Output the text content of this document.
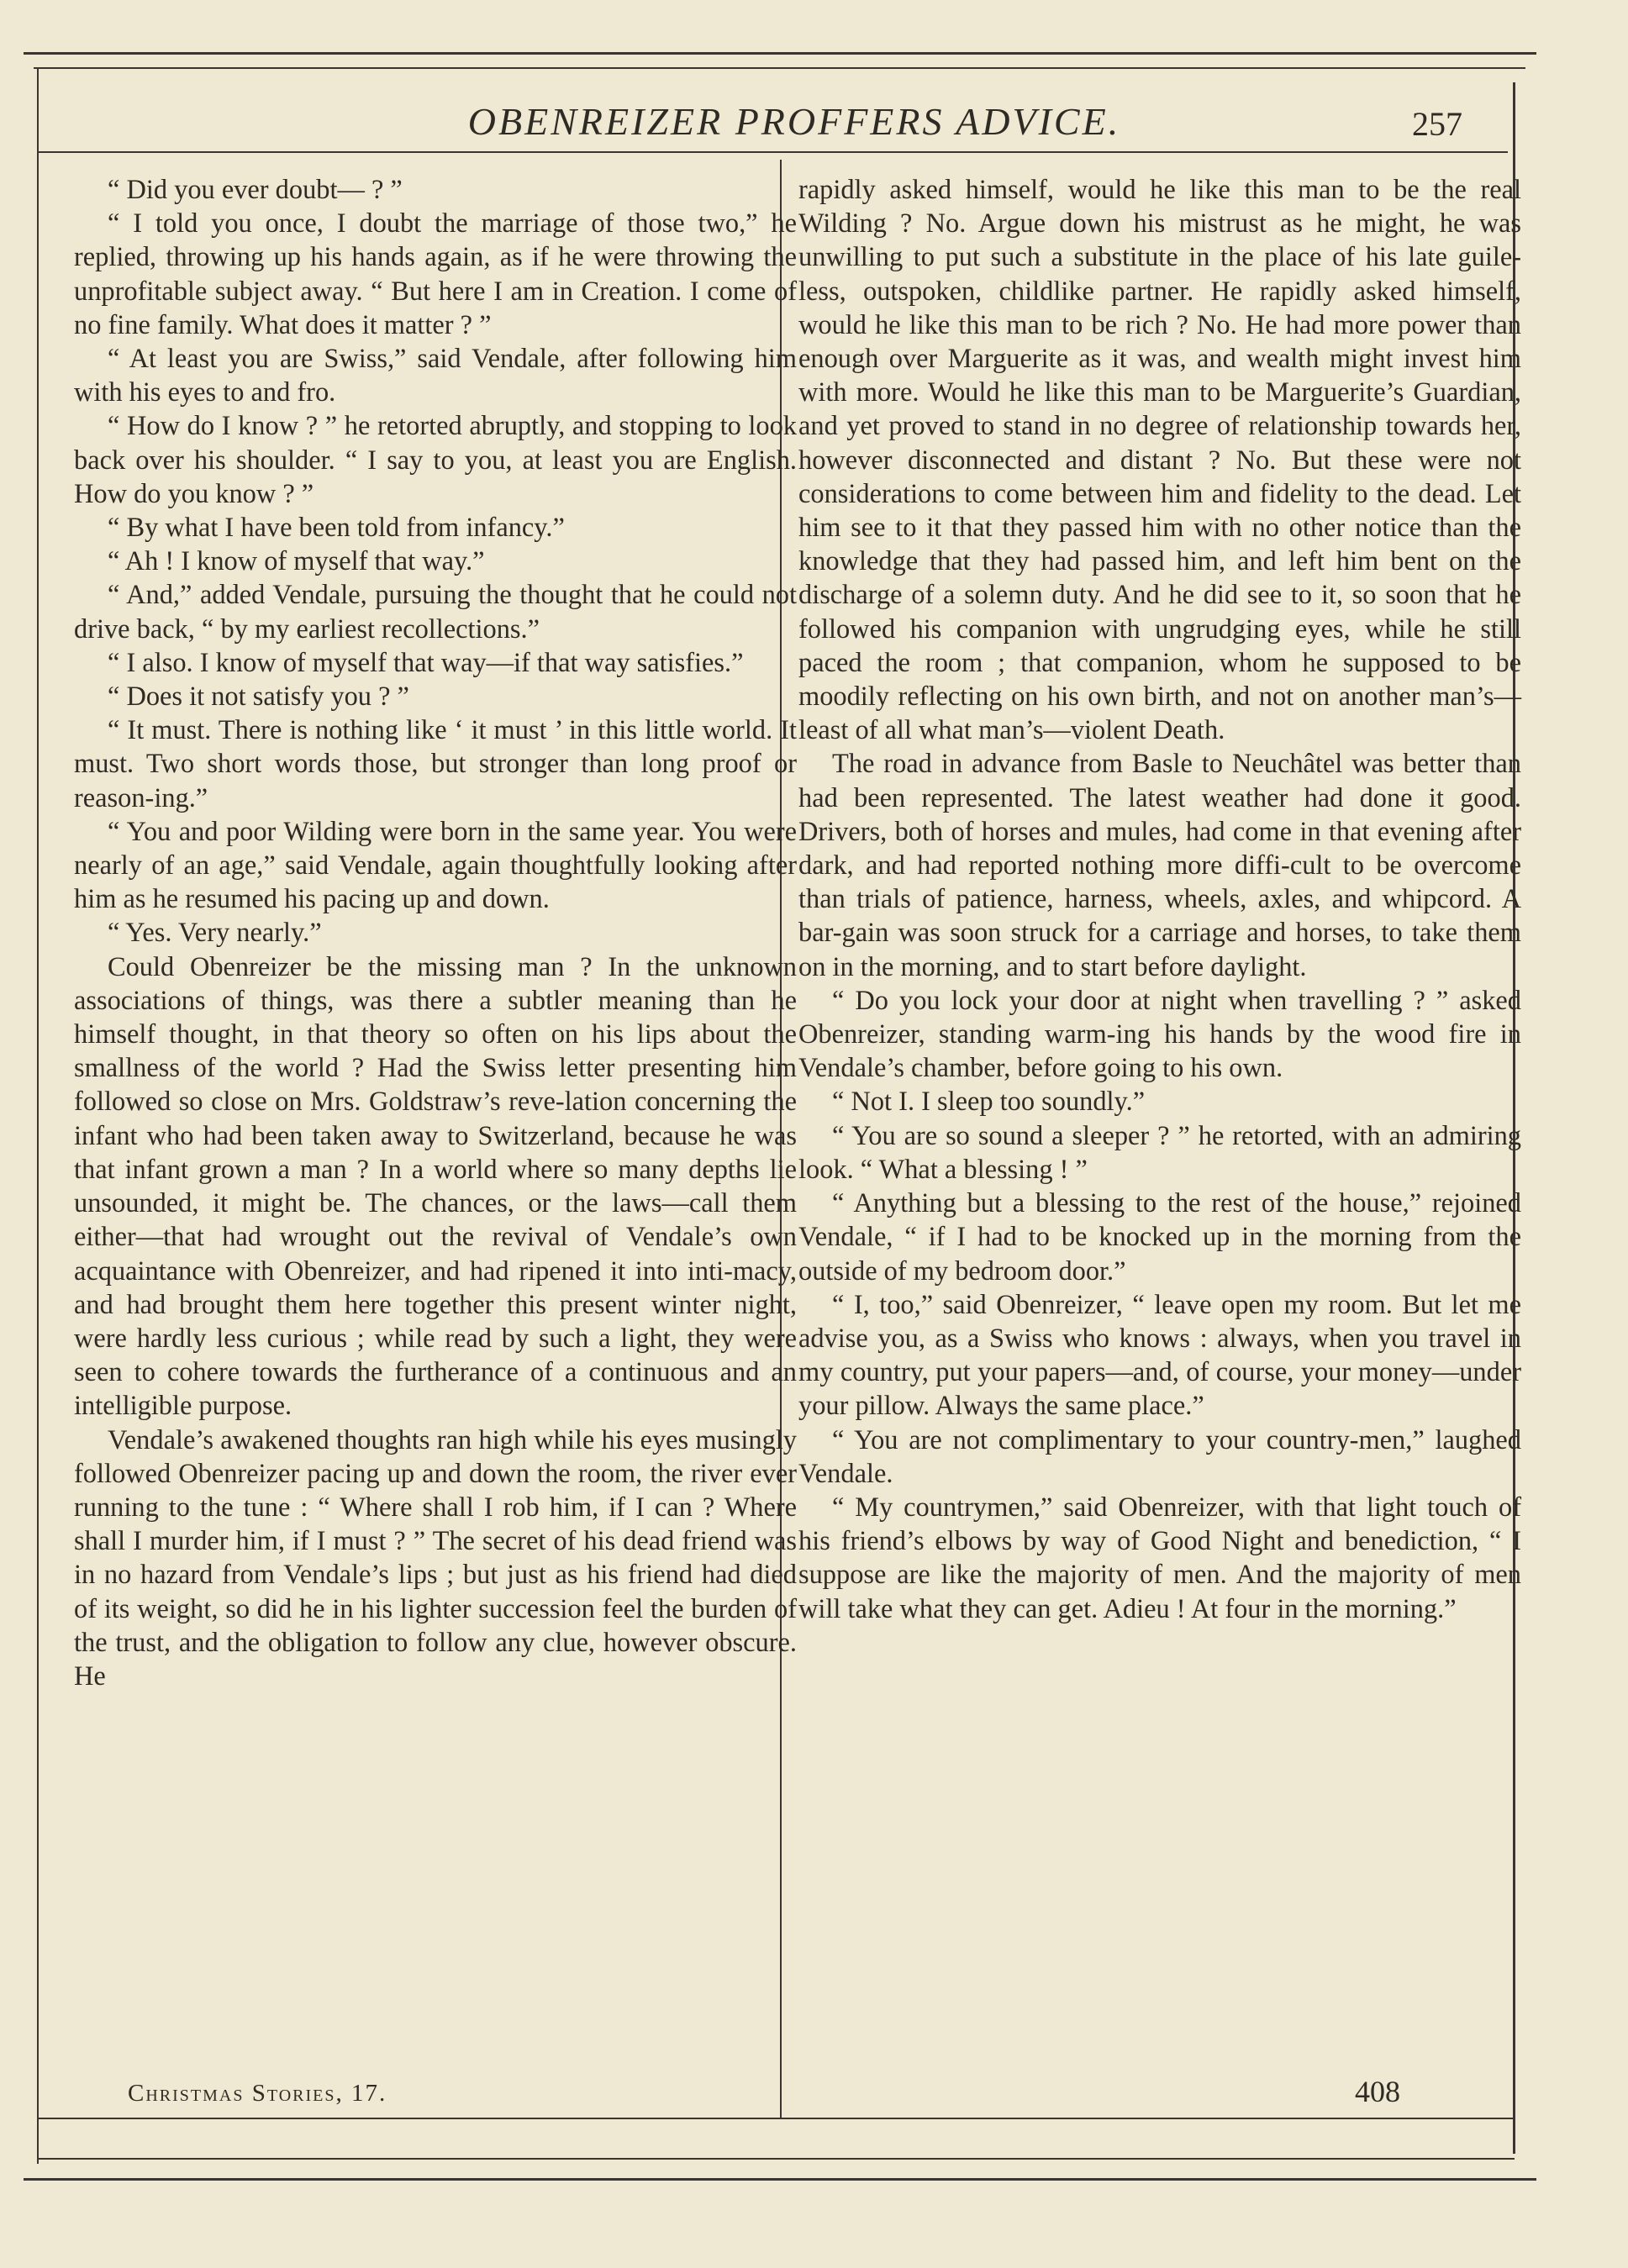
OBENREIZER PROFFERS ADVICE.	257

“ Did you ever doubt— ? ”

“ I told you once, I doubt the marriage of those two,” he replied, throwing up his hands again, as if he were throwing the unprofitable subject away. “ But here I am in Creation. I come of no fine family. What does it matter ? ”

“ At least you are Swiss,” said Vendale, after following him with his eyes to and fro.

“ How do I know ? ” he retorted abruptly, and stopping to look back over his shoulder. “ I say to you, at least you are English. How do you know ? ”

“ By what I have been told from infancy.”

“ Ah ! I know of myself that way.”

“ And,” added Vendale, pursuing the thought that he could not drive back, “ by my earliest recollections.”

“ I also. I know of myself that way—if that way satisfies.”

“ Does it not satisfy you ? ”

“ It must. There is nothing like ‘ it must ’ in this little world. It must. Two short words those, but stronger than long proof or reason-ing.”

“ You and poor Wilding were born in the same year. You were nearly of an age,” said Vendale, again thoughtfully looking after him as he resumed his pacing up and down.

“ Yes. Very nearly.”

Could Obenreizer be the missing man ? In the unknown associations of things, was there a subtler meaning than he himself thought, in that theory so often on his lips about the smallness of the world ? Had the Swiss letter presenting him followed so close on Mrs. Goldstraw’s reve-lation concerning the infant who had been taken away to Switzerland, because he was that infant grown a man ? In a world where so many depths lie unsounded, it might be. The chances, or the laws—call them either—that had wrought out the revival of Vendale’s own acquaintance with Obenreizer, and had ripened it into inti-macy, and had brought them here together this present winter night, were hardly less curious ; while read by such a light, they were seen to cohere towards the furtherance of a continuous and an intelligible purpose.

Vendale’s awakened thoughts ran high while his eyes musingly followed Obenreizer pacing up and down the room, the river ever running to the tune : “ Where shall I rob him, if I can ? Where shall I murder him, if I must ? ” The secret of his dead friend was in no hazard from Vendale’s lips ; but just as his friend had died of its weight, so did he in his lighter succession feel the burden of the trust, and the obligation to follow any clue, however obscure. He

rapidly asked himself, would he like this man to be the real Wilding ? No. Argue down his mistrust as he might, he was unwilling to put such a substitute in the place of his late guile-less, outspoken, childlike partner. He rapidly asked himself, would he like this man to be rich ? No. He had more power than enough over Marguerite as it was, and wealth might invest him with more. Would he like this man to be Marguerite’s Guardian, and yet proved to stand in no degree of relationship towards her, however disconnected and distant ? No. But these were not considerations to come between him and fidelity to the dead. Let him see to it that they passed him with no other notice than the knowledge that they had passed him, and left him bent on the discharge of a solemn duty. And he did see to it, so soon that he followed his companion with ungrudging eyes, while he still paced the room ; that companion, whom he supposed to be moodily reflecting on his own birth, and not on another man’s—least of all what man’s—violent Death.

The road in advance from Basle to Neuchâtel was better than had been represented. The latest weather had done it good. Drivers, both of horses and mules, had come in that evening after dark, and had reported nothing more diffi-cult to be overcome than trials of patience, harness, wheels, axles, and whipcord. A bar-gain was soon struck for a carriage and horses, to take them on in the morning, and to start before daylight.

“ Do you lock your door at night when travelling ? ” asked Obenreizer, standing warm-ing his hands by the wood fire in Vendale’s chamber, before going to his own.

“ Not I. I sleep too soundly.”

“ You are so sound a sleeper ? ” he retorted, with an admiring look. “ What a blessing ! ”

“ Anything but a blessing to the rest of the house,” rejoined Vendale, “ if I had to be knocked up in the morning from the outside of my bedroom door.”

“ I, too,” said Obenreizer, “ leave open my room. But let me advise you, as a Swiss who knows : always, when you travel in my country, put your papers—and, of course, your money—under your pillow. Always the same place.”

“ You are not complimentary to your country-men,” laughed Vendale.

“ My countrymen,” said Obenreizer, with that light touch of his friend’s elbows by way of Good Night and benediction, “ I suppose are like the majority of men. And the majority of men will take what they can get. Adieu ! At four in the morning.”

Christmas Stories, 17.	408
